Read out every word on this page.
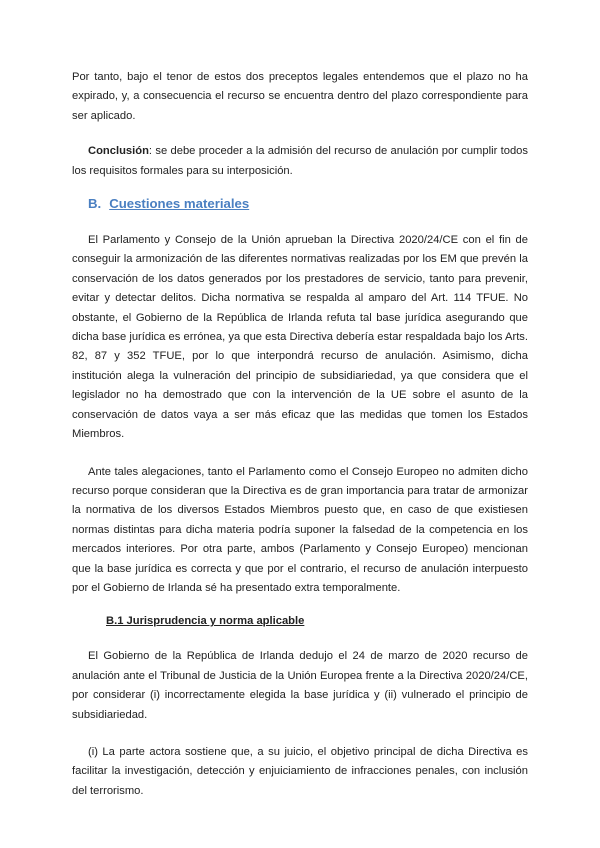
Por tanto, bajo el tenor de estos dos preceptos legales entendemos que el plazo no ha expirado, y, a consecuencia el recurso se encuentra dentro del plazo correspondiente para ser aplicado.

Conclusión: se debe proceder a la admisión del recurso de anulación por cumplir todos los requisitos formales para su interposición.

B. Cuestiones materiales

El Parlamento y Consejo de la Unión aprueban la Directiva 2020/24/CE con el fin de conseguir la armonización de las diferentes normativas realizadas por los EM que prevén la conservación de los datos generados por los prestadores de servicio, tanto para prevenir, evitar y detectar delitos. Dicha normativa se respalda al amparo del Art. 114 TFUE. No obstante, el Gobierno de la República de Irlanda refuta tal base jurídica asegurando que dicha base jurídica es errónea, ya que esta Directiva debería estar respaldada bajo los Arts. 82, 87 y 352 TFUE, por lo que interpondrá recurso de anulación. Asimismo, dicha institución alega la vulneración del principio de subsidiariedad, ya que considera que el legislador no ha demostrado que con la intervención de la UE sobre el asunto de la conservación de datos vaya a ser más eficaz que las medidas que tomen los Estados Miembros.

Ante tales alegaciones, tanto el Parlamento como el Consejo Europeo no admiten dicho recurso porque consideran que la Directiva es de gran importancia para tratar de armonizar la normativa de los diversos Estados Miembros puesto que, en caso de que existiesen normas distintas para dicha materia podría suponer la falsedad de la competencia en los mercados interiores. Por otra parte, ambos (Parlamento y Consejo Europeo) mencionan que la base jurídica es correcta y que por el contrario, el recurso de anulación interpuesto por el Gobierno de Irlanda sé ha presentado extra temporalmente.

B.1 Jurisprudencia y norma aplicable

El Gobierno de la República de Irlanda dedujo el 24 de marzo de 2020 recurso de anulación ante el Tribunal de Justicia de la Unión Europea frente a la Directiva 2020/24/CE, por considerar (i) incorrectamente elegida la base jurídica y (ii) vulnerado el principio de subsidiariedad.

(i) La parte actora sostiene que, a su juicio, el objetivo principal de dicha Directiva es facilitar la investigación, detección y enjuiciamiento de infracciones penales, con inclusión del terrorismo.
